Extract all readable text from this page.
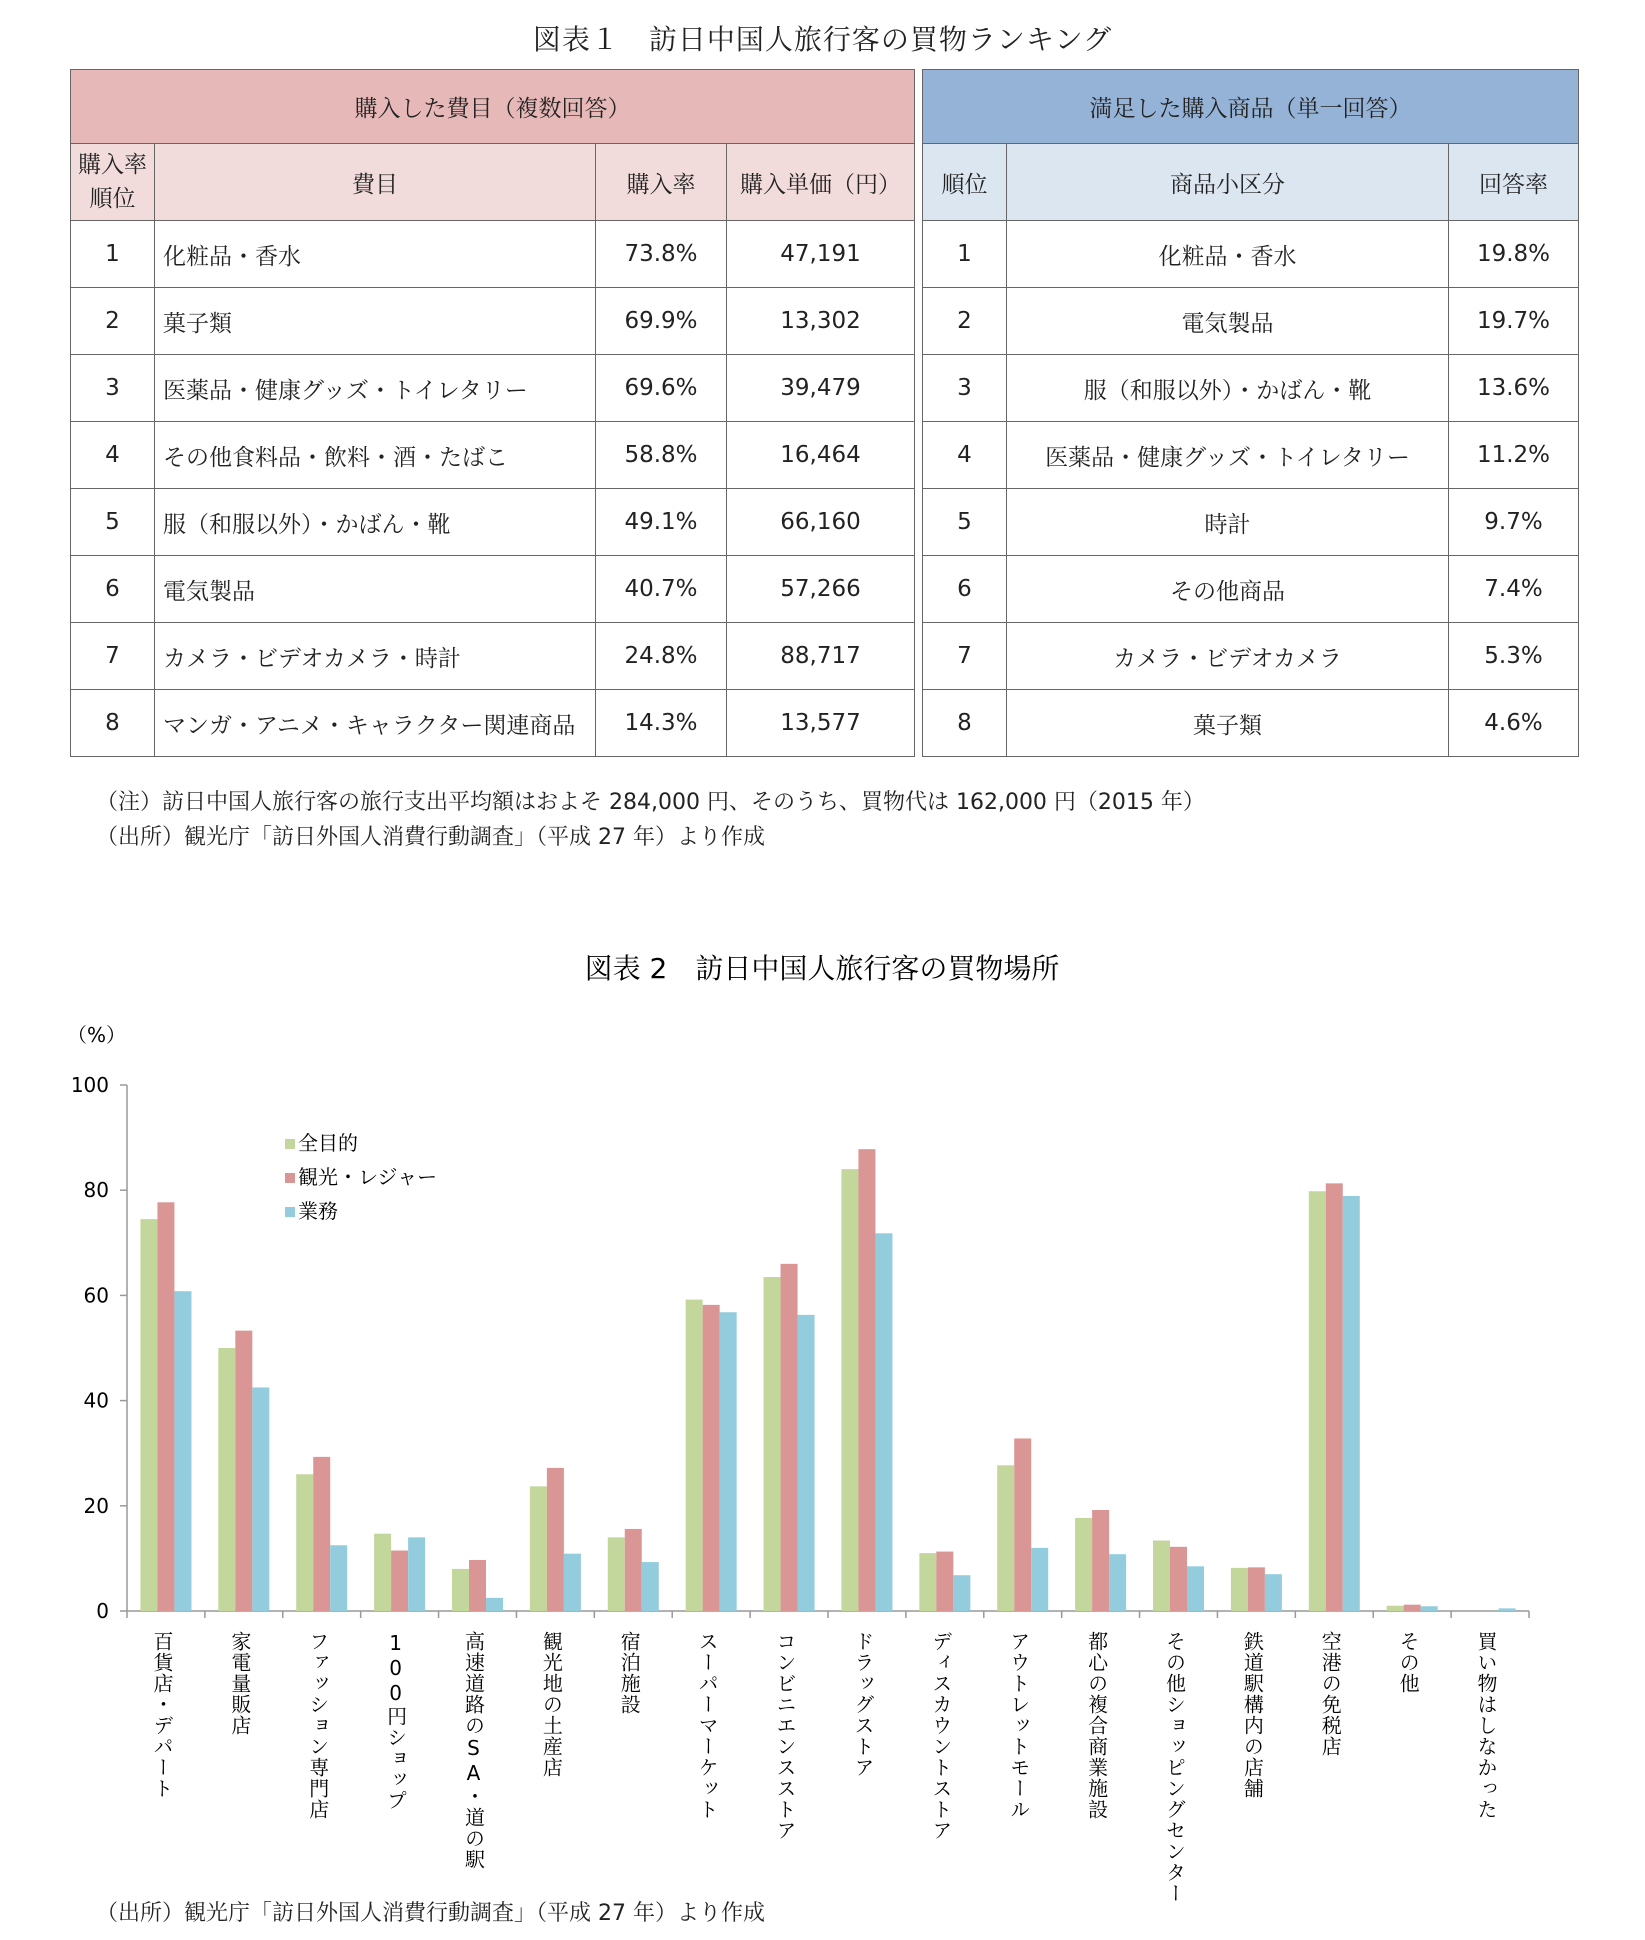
図表１　訪日中国人旅行客の買物ランキング
購入した費目（複数回答）			
購入率
順位	費目	購入率	購入単価（円）
1	化粧品・香水	73.8%	47,191
2	菓子類	69.9%	13,302
3	医薬品・健康グッズ・トイレタリー	69.6%	39,479
4	その他食料品・飲料・酒・たばこ	58.8%	16,464
5	服（和服以外）・かばん・靴	49.1%	66,160
6	電気製品	40.7%	57,266
7	カメラ・ビデオカメラ・時計	24.8%	88,717
8	マンガ・アニメ・キャラクター関連商品	14.3%	13,577
満足した購入商品（単一回答）		
順位	商品小区分	回答率
1	化粧品・香水	19.8%
2	電気製品	19.7%
3	服（和服以外）・かばん・靴	13.6%
4	医薬品・健康グッズ・トイレタリー	11.2%
5	時計	9.7%
6	その他商品	7.4%
7	カメラ・ビデオカメラ	5.3%
8	菓子類	4.6%
（注）訪日中国人旅行客の旅行支出平均額はおよそ 284,000 円、そのうち、買物代は 162,000 円（2015 年）
（出所）観光庁「訪日外国人消費行動調査」（平成 27 年）より作成
図表 2　訪日中国人旅行客の買物場所
（%）
0
20
40
60
80
100
百貨店・デパート	家電量販店	ファッション専門店	100円ショップ	高速道路のSA・道の駅	観光地の土産店	宿泊施設	スーパーマーケット	コンビニエンスストア	ドラッグストア	ディスカウントストア	アウトレットモール	都心の複合商業施設	その他ショッピングセンター	鉄道駅構内の店舗	空港の免税店	その他	買い物はしなかった
全目的
観光・レジャー
業務
（出所）観光庁「訪日外国人消費行動調査」（平成 27 年）より作成
